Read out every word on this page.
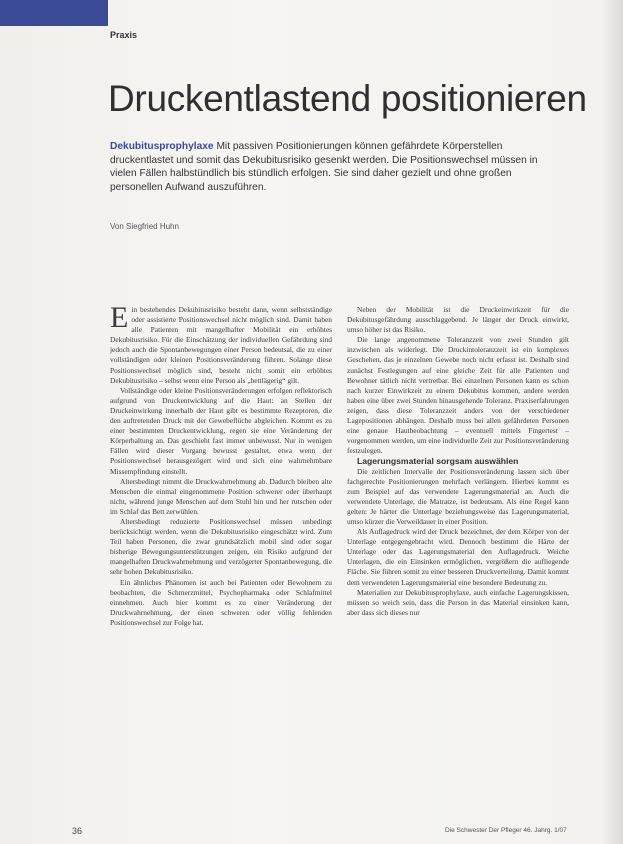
Praxis
Druckentlastend positionieren
Dekubitusprophylaxe Mit passiven Positionierungen können gefährdete Körperstellen druckentlastet und somit das Dekubitusrisiko gesenkt werden. Die Positionswechsel müssen in vielen Fällen halbstündlich bis stündlich erfolgen. Sie sind daher gezielt und ohne großen personellen Aufwand auszuführen.
Von Siegfried Huhn

Ein bestehendes Dekubitusrisiko besteht dann, wenn selbstständige oder assistierte Positionswechsel nicht möglich sind. Damit haben alle Patienten mit mangelhafter Mobilität ein erhöhtes Dekubitusrisiko. Für die Einschätzung der individuellen Gefährdung sind jedoch auch die Spontanbewegungen einer Person bedeutsal, die zu einer vollständigen oder kleinen Positionsveränderung führen. Solange diese Positionswechsel möglich sind, besteht nicht somit ein erhöhtes Dekubitusrisiko – selbst wenn eine Person als „bettlägerig“ gilt.

Vollständige oder kleine Positionsveränderungen erfolgen reflektorisch aufgrund von Druckentwicklung auf die Haut: an Stellen der Druckeinwirkung innerhalb der Haut gibt es bestimmte Rezeptoren, die den auftretenden Druck mit der Gewebeflüche abgleichen. Kommt es zu einer bestimmten Druckentwicklung, regen sie eine Veränderung der Körperhaltung an. Das geschieht fast immer unbewusst. Nur in wenigen Fällen wird dieser Vorgang bewusst gestaltet, etwa wenn der Positionswechsel herausgezögert wird und sich eine wahrnehmbare Missempfindung einstellt.

Altersbedingt nimmt die Druckwahrnehmung ab. Dadurch bleiben alte Menschen die einmal eingenommene Position schwerer oder überhaupt nicht, während junge Menschen auf dem Stuhl hin und her rutschen oder im Schlaf das Bett zerwühlen.

Altersbedingt reduzierte Positionswechsel müssen unbedingt berücksichtigt werden, wenn die Dekubitusrisiko eingeschätzt wird. Zum Teil haben Personen, die zwar grundsätzlich mobil sind oder sogar bisherige Bewegungsunterstützungen zeigen, ein Risiko aufgrund der mangelhaften Druckwahrnehmung und verzögerter Spontanbewegung, die sehr hohen Dekubitusrisiko.

Ein ähnliches Phänomen ist auch bei Patienten oder Bewohnern zu beobachten, die Schmerzmittel, Psychopharmaka oder Schlafmittel einnehmen. Auch hier kommt es zu einer Veränderung der Druckwahrnehmung, der einen schweren oder völlig fehlenden Positionswechsel zur Folge hat.

Neben der Mobilität ist die Druckeinwirkzeit für die Dekubitusgefährdung ausschlaggebend. Je länger der Druck einwirkt, umso höher ist das Risiko.

Die lange angenommene Toleranzzeit von zwei Stunden gilt inzwischen als widerlegt. Die Druckintoleranzzeit ist ein komplexes Geschehen, das je einzelnen Gewebe noch nicht erfasst ist. Deshalb sind zunächst Festlegungen auf eine gleiche Zeit für alle Patienten und Bewohner tätlich nicht vertretbar. Bei einzelnen Personen kann es schon nach kurzer Einwirkzeit zu einem Dekubitus kommen, andere werden haben eine über zwei Stunden hinausgehende Toleranz. Praxiserfahrungen zeigen, dass diese Toleranzzeit anders von der verschiedener Lagepositionen abhängen. Deshalb muss bei allen gefährdeten Personen eine genaue Hautbeobachtung – eventuell mittels Fingertest – vorgenommen werden, um eine individuelle Zeit zur Positionsveränderung festzulegen.

Lagerungsmaterial sorgsam auswählen

Die zeitlichen Intervalle der Positionsveränderung lassen sich über fachgerechte Positionierungen mehrfach verlängern. Hierbei kommt es zum Beispiel auf das verwendete Lagerungsmaterial an. Auch die verwendete Unterlage, die Matratze, ist bedeutsam. Als eine Regel kann gelten: Je härter die Unterlage beziehungsweise das Lagerungsmaterial, umso kürzer die Verweildauer in einer Position.

Als Auflagedruck wird der Druck bezeichnet, der dem Körper von der Unterlage entgegengebracht wird. Dennoch bestimmt die Härte der Unterlage oder das Lagerungsmaterial den Auflagedruck. Weiche Unterlagen, die ein Einsinken ermöglichen, vergrößern die aufliegende Fläche. Sie führen somit zu einer besseren Druckverteilung. Damit kommt dem verwendeten Lagerungsmaterial eine besondere Bedeutung zu.

Materialien zur Dekubitusprophylaxe, auch einfache Lagerungskissen, müssen so weich sein, dass die Person in das Material einsinken kann, aber dass sich dieses nur

36	Die Schwester Der Pfleger 46. Jahrg. 1/07
